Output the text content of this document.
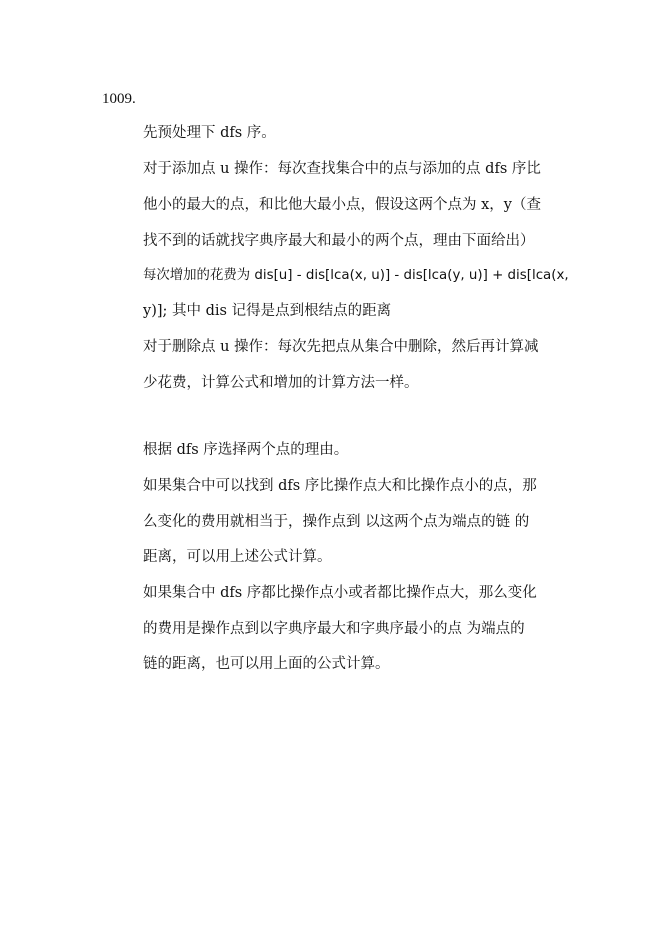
1009.
先预处理下 dfs 序。
对于添加点 u 操作：每次查找集合中的点与添加的点 dfs 序比
他小的最大的点，和比他大最小点，假设这两个点为 x，y（查
找不到的话就找字典序最大和最小的两个点，理由下面给出）
每次增加的花费为 dis[u] - dis[lca(x, u)] - dis[lca(y, u)] + dis[lca(x,
y)]; 其中 dis 记得是点到根结点的距离
对于删除点 u 操作：每次先把点从集合中删除，然后再计算减
少花费，计算公式和增加的计算方法一样。
根据 dfs 序选择两个点的理由。
如果集合中可以找到 dfs 序比操作点大和比操作点小的点，那
么变化的费用就相当于，操作点到 以这两个点为端点的链 的
距离，可以用上述公式计算。
如果集合中 dfs 序都比操作点小或者都比操作点大，那么变化
的费用是操作点到以字典序最大和字典序最小的点 为端点的
链的距离，也可以用上面的公式计算。
